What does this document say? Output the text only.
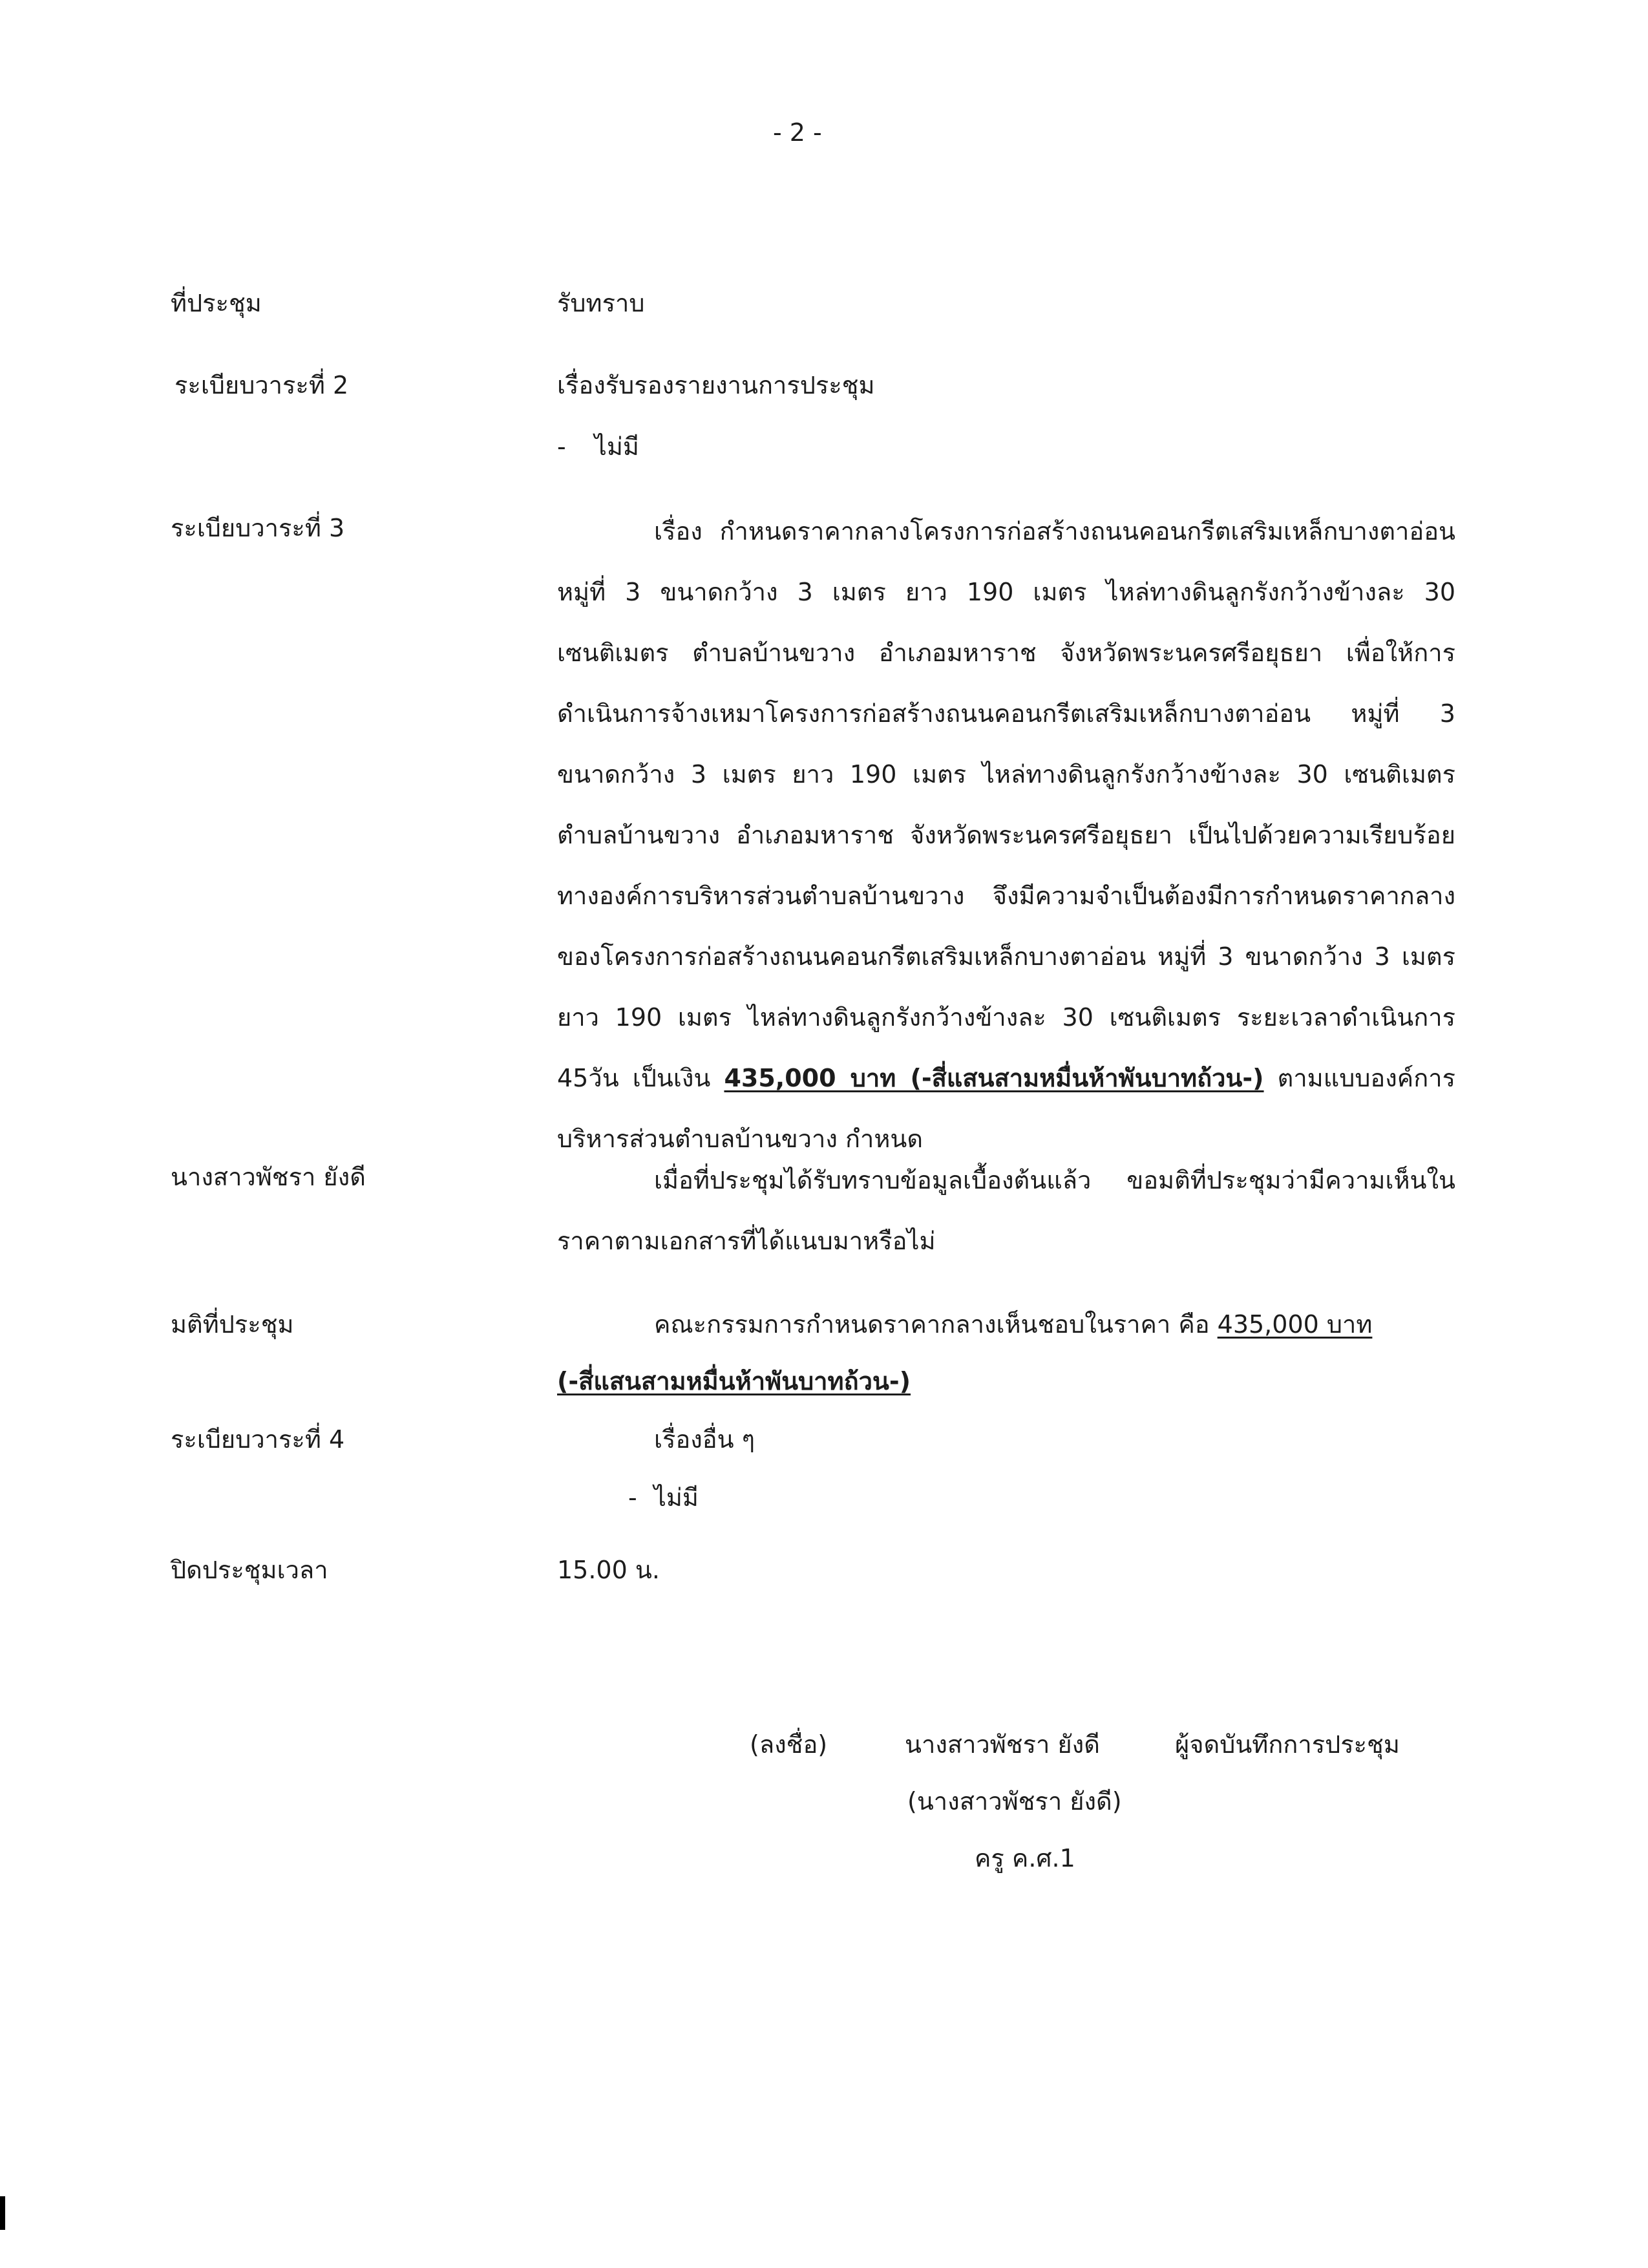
- 2 -
ที่ประชุม	รับทราบ
ระเบียบวาระที่ 2	เรื่องรับรองรายงานการประชุม
- ไม่มี
ระเบียบวาระที่ 3	เรื่อง กำหนดราคากลางโครงการก่อสร้างถนนคอนกรีตเสริมเหล็กบางตาอ่อน หมู่ที่ 3 ขนาดกว้าง 3 เมตร ยาว 190 เมตร ไหล่ทางดินลูกรังกว้างข้างละ 30 เซนติเมตร ตำบลบ้านขวาง อำเภอมหาราช จังหวัดพระนครศรีอยุธยา เพื่อให้การดำเนินการจ้างเหมาโครงการก่อสร้างถนนคอนกรีตเสริมเหล็กบางตาอ่อน หมู่ที่ 3 ขนาดกว้าง 3 เมตร ยาว 190 เมตร ไหล่ทางดินลูกรังกว้างข้างละ 30 เซนติเมตร ตำบลบ้านขวาง อำเภอมหาราช จังหวัดพระนครศรีอยุธยา เป็นไปด้วยความเรียบร้อยทางองค์การบริหารส่วนตำบลบ้านขวาง จึงมีความจำเป็นต้องมีการกำหนดราคากลางของโครงการก่อสร้างถนนคอนกรีตเสริมเหล็กบางตาอ่อน หมู่ที่ 3 ขนาดกว้าง 3 เมตร ยาว 190 เมตร ไหล่ทางดินลูกรังกว้างข้างละ 30 เซนติเมตร ระยะเวลาดำเนินการ 45วัน เป็นเงิน 435,000 บาท (-สี่แสนสามหมื่นห้าพันบาทถ้วน-) ตามแบบองค์การบริหารส่วนตำบลบ้านขวาง กำหนด
นางสาวพัชรา ยังดี	เมื่อที่ประชุมได้รับทราบข้อมูลเบื้องต้นแล้ว ขอมติที่ประชุมว่ามีความเห็นในราคาตามเอกสารที่ได้แนบมาหรือไม่
มติที่ประชุม	คณะกรรมการกำหนดราคากลางเห็นชอบในราคา คือ 435,000 บาท
(-สี่แสนสามหมื่นห้าพันบาทถ้วน-)
ระเบียบวาระที่ 4	เรื่องอื่น ๆ
- ไม่มี
ปิดประชุมเวลา	15.00 น.
(ลงชื่อ)	นางสาวพัชรา ยังดี	ผู้จดบันทึกการประชุม
(นางสาวพัชรา ยังดี)
ครู ค.ศ.1
